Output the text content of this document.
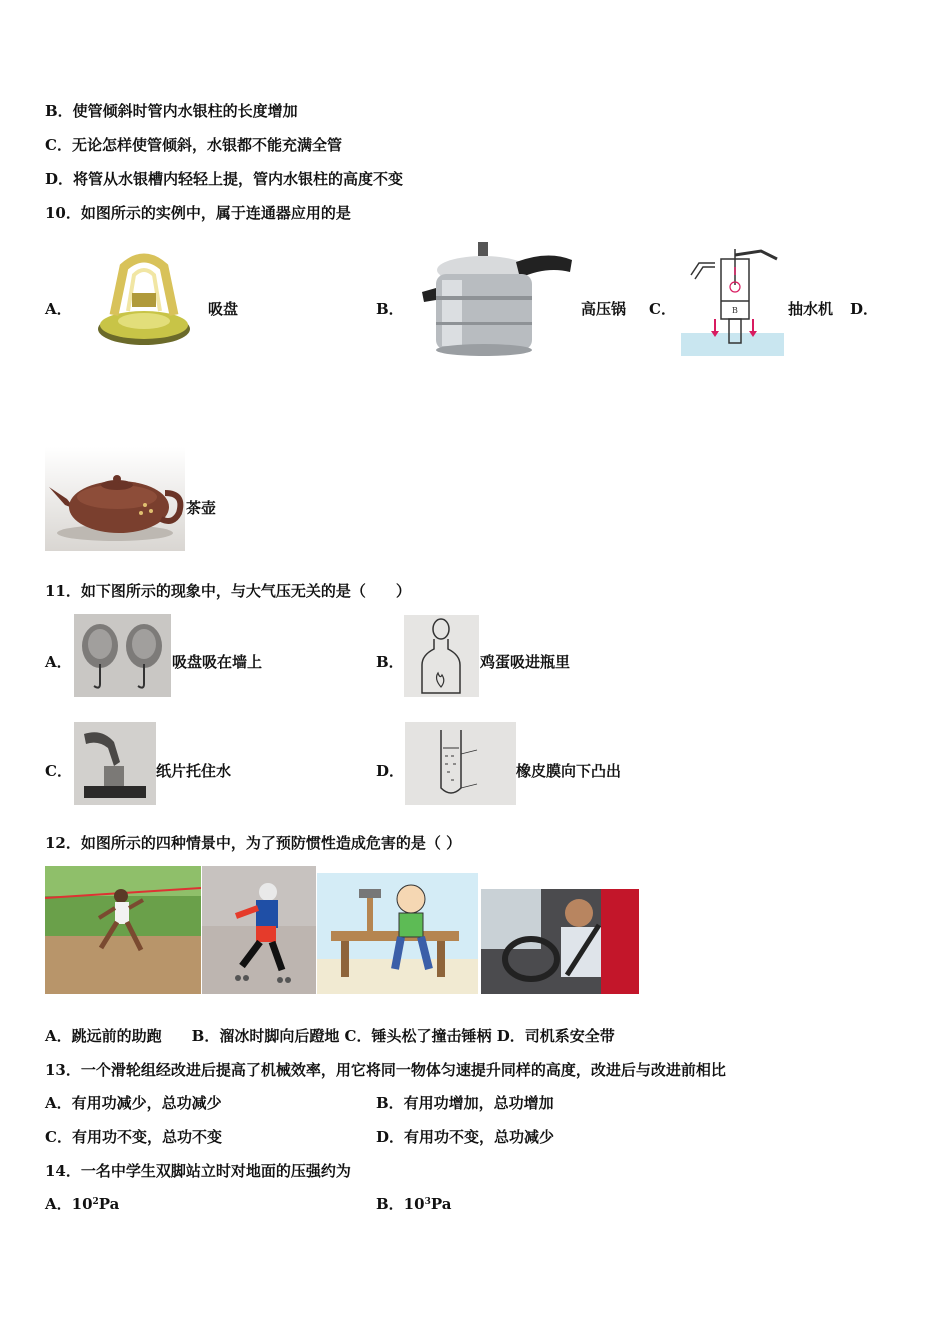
B．使管倾斜时管内水银柱的长度增加
C．无论怎样使管倾斜，水银都不能充满全管
D．将管从水银槽内轻轻上提，管内水银柱的高度不变
10．如图所示的实例中，属于连通器应用的是
A．	吸盘	B．	高压锅 C．	B	抽水机 D．
茶壶
11．如下图所示的现象中，与大气压无关的是（　　）
A．	吸盘吸在墙上	B．	鸡蛋吸进瓶里
C．	纸片托住水	D．	橡皮膜向下凸出
12．如图所示的四种情景中，为了预防惯性造成危害的是（ ）
A．跳远前的助跑　　B．溜冰时脚向后蹬地 C．锤头松了撞击锤柄 D．司机系安全带
13．一个滑轮组经改进后提高了机械效率，用它将同一物体匀速提升同样的高度，改进后与改进前相比
A．有用功减少，总功减少	B．有用功增加，总功增加
C．有用功不变，总功不变	D．有用功不变，总功减少
14．一名中学生双脚站立时对地面的压强约为
A．$10^2Pa$	B．$10^3Pa$
